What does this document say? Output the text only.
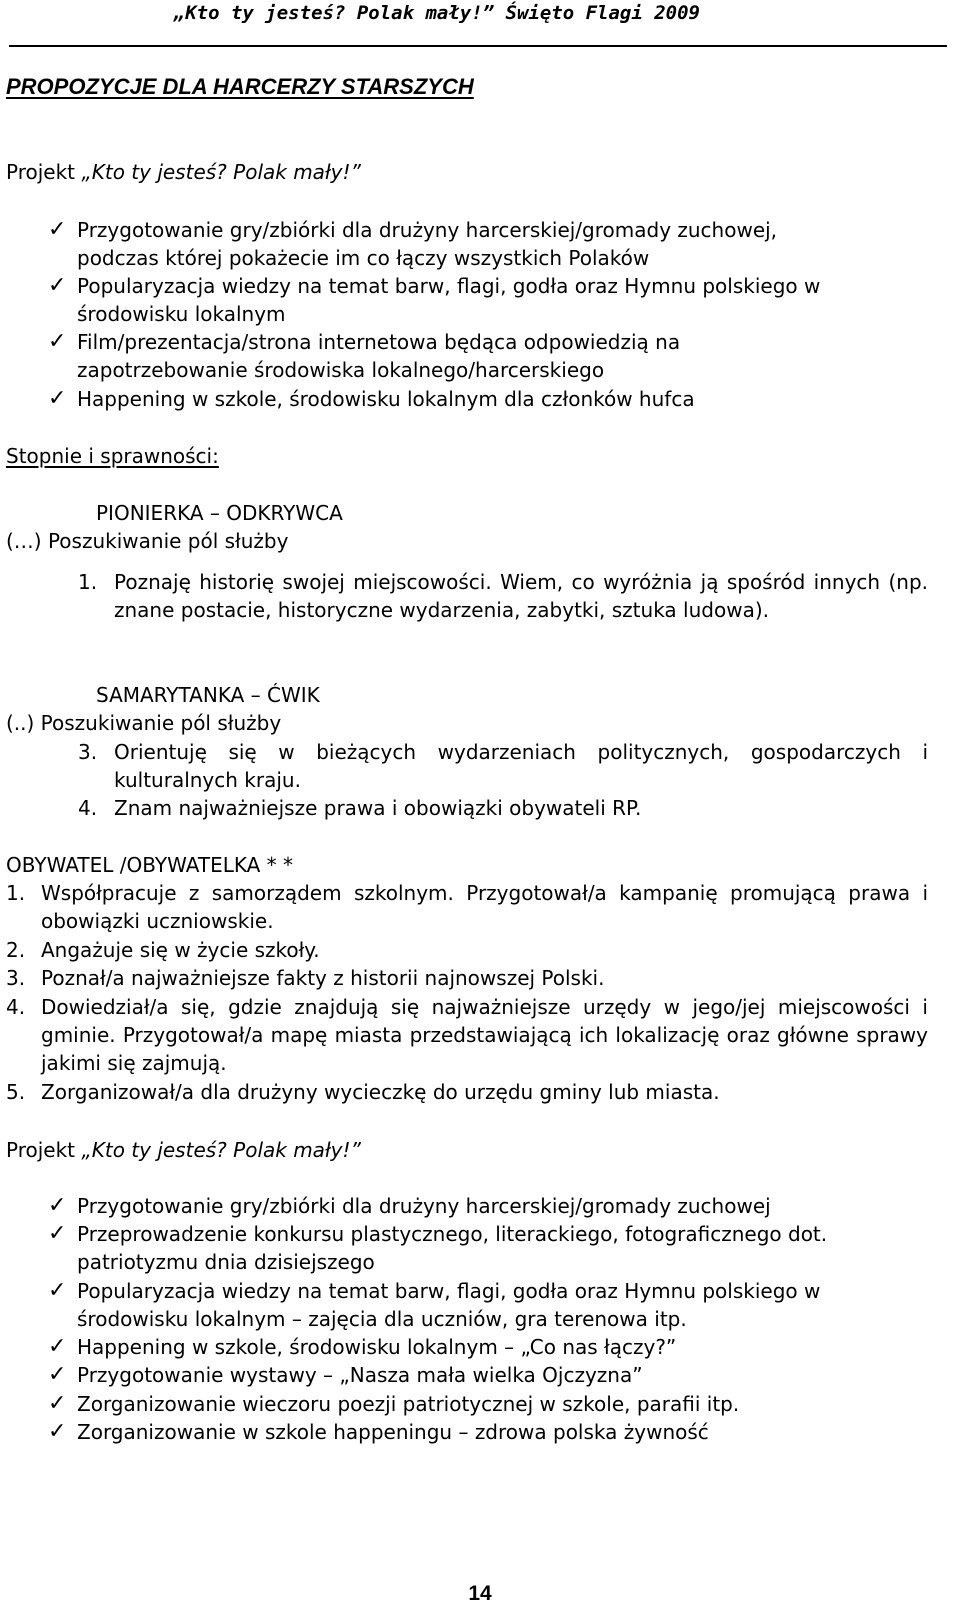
„Kto ty jesteś? Polak mały!” Święto Flagi 2009
PROPOZYCJE DLA HARCERZY STARSZYCH
Projekt „Kto ty jesteś? Polak mały!”
✓ Przygotowanie gry/zbiórki dla drużyny harcerskiej/gromady zuchowej,
podczas której pokażecie im co łączy wszystkich Polaków
✓ Popularyzacja wiedzy na temat barw, flagi, godła oraz Hymnu polskiego w
środowisku lokalnym
✓ Film/prezentacja/strona internetowa będąca odpowiedzią na
zapotrzebowanie środowiska lokalnego/harcerskiego
✓ Happening w szkole, środowisku lokalnym dla członków hufca
Stopnie i sprawności:
PIONIERKA – ODKRYWCA
(…) Poszukiwanie pól służby
1. Poznaję historię swojej miejscowości. Wiem, co wyróżnia ją spośród innych (np. znane postacie, historyczne wydarzenia, zabytki, sztuka ludowa).
SAMARYTANKA – ĆWIK
(..) Poszukiwanie pól służby
3. Orientuję się w bieżących wydarzeniach politycznych, gospodarczych i kulturalnych kraju.
4. Znam najważniejsze prawa i obowiązki obywateli RP.
OBYWATEL /OBYWATELKA * *
1. Współpracuje z samorządem szkolnym. Przygotował/a kampanię promującą prawa i obowiązki uczniowskie.
2. Angażuje się w życie szkoły.
3. Poznał/a najważniejsze fakty z historii najnowszej Polski.
4. Dowiedział/a się, gdzie znajdują się najważniejsze urzędy w jego/jej miejscowości i gminie. Przygotował/a mapę miasta przedstawiającą ich lokalizację oraz główne sprawy jakimi się zajmują.
5. Zorganizował/a dla drużyny wycieczkę do urzędu gminy lub miasta.
Projekt „Kto ty jesteś? Polak mały!”
✓ Przygotowanie gry/zbiórki dla drużyny harcerskiej/gromady zuchowej
✓ Przeprowadzenie konkursu plastycznego, literackiego, fotograficznego dot.
patriotyzmu dnia dzisiejszego
✓ Popularyzacja wiedzy na temat barw, flagi, godła oraz Hymnu polskiego w
środowisku lokalnym – zajęcia dla uczniów, gra terenowa itp.
✓ Happening w szkole, środowisku lokalnym – „Co nas łączy?”
✓ Przygotowanie wystawy – „Nasza mała wielka Ojczyzna”
✓ Zorganizowanie wieczoru poezji patriotycznej w szkole, parafii itp.
✓ Zorganizowanie w szkole happeningu – zdrowa polska żywność
14
